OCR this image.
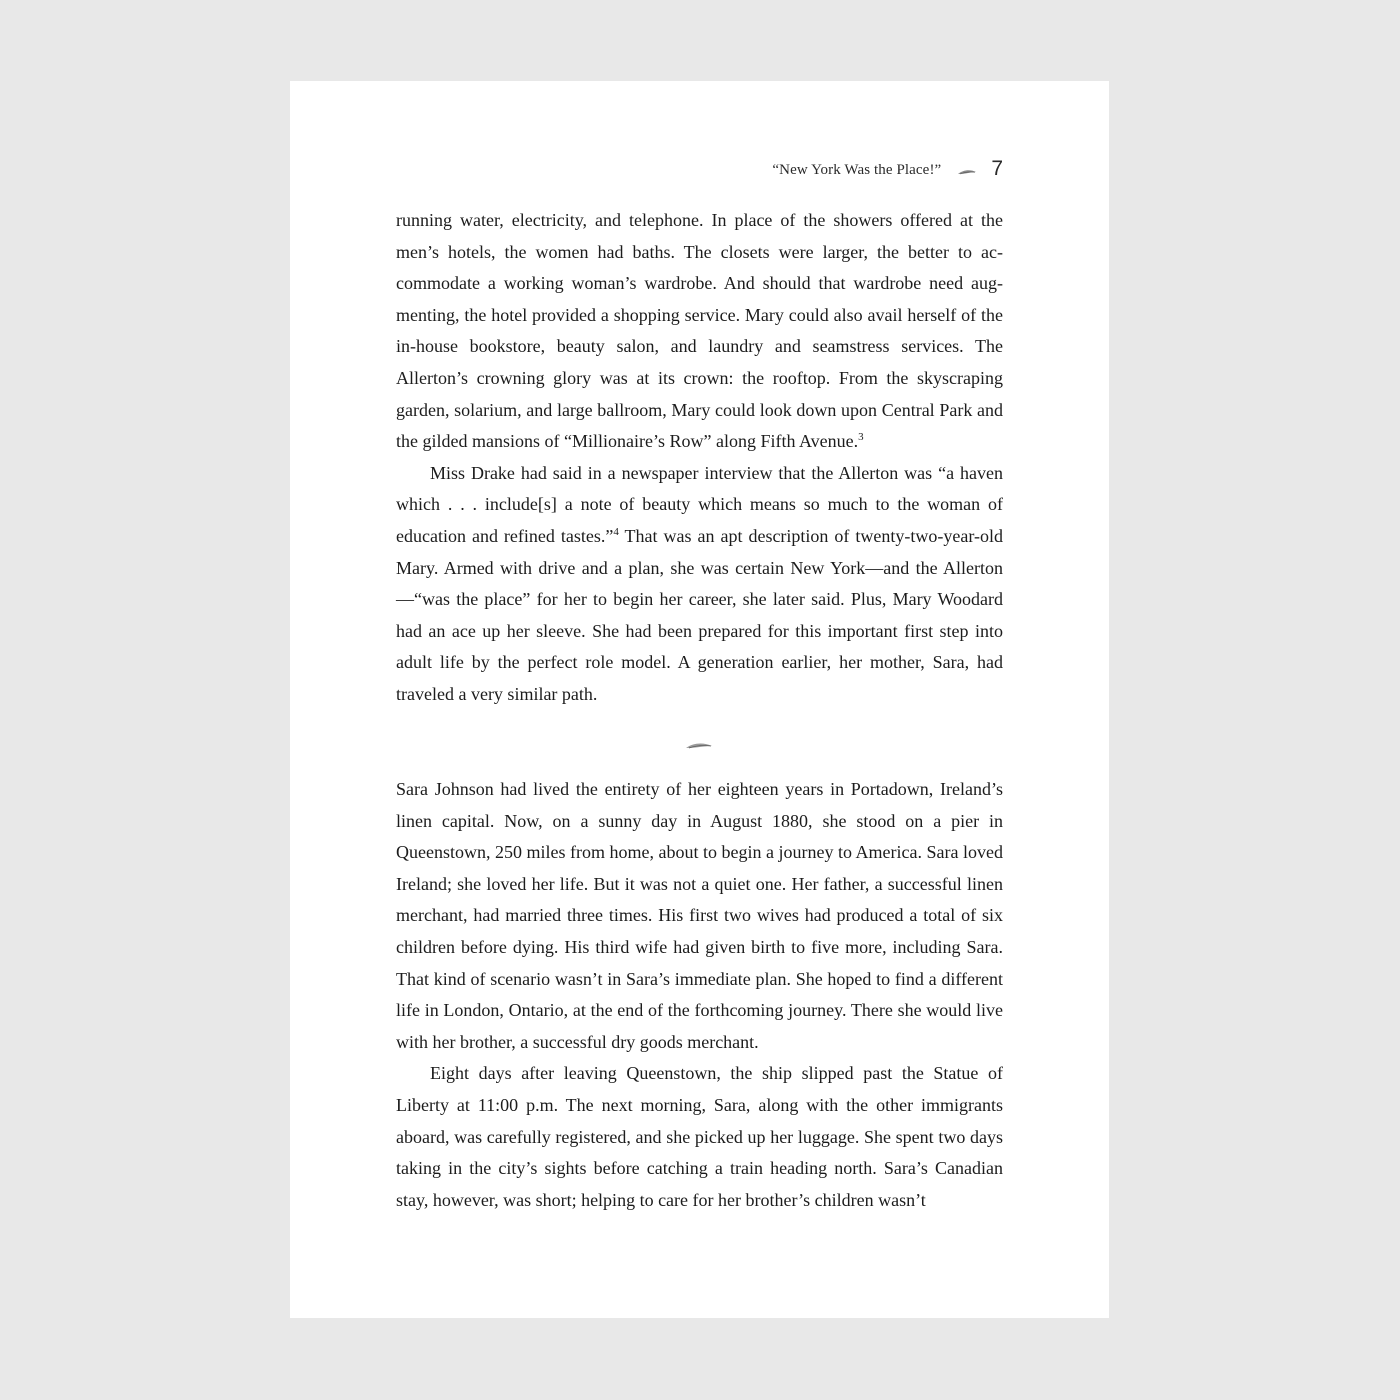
“New York Was the Place!” 7

running water, electricity, and telephone. In place of the showers offered at the men’s hotels, the women had baths. The closets were larger, the better to accommodate a working woman’s wardrobe. And should that wardrobe need augmenting, the hotel provided a shopping service. Mary could also avail herself of the in-house bookstore, beauty salon, and laundry and seamstress services. The Allerton’s crowning glory was at its crown: the rooftop. From the skyscraping garden, solarium, and large ballroom, Mary could look down upon Central Park and the gilded mansions of “Millionaire’s Row” along Fifth Avenue.$^3$

Miss Drake had said in a newspaper interview that the Allerton was “a haven which . . . include[s] a note of beauty which means so much to the woman of education and refined tastes.”$^4$ That was an apt description of twenty-two-year-old Mary. Armed with drive and a plan, she was certain New York—and the Allerton—“was the place” for her to begin her career, she later said. Plus, Mary Woodard had an ace up her sleeve. She had been prepared for this important first step into adult life by the perfect role model. A generation earlier, her mother, Sara, had traveled a very similar path.

Sara Johnson had lived the entirety of her eighteen years in Portadown, Ireland’s linen capital. Now, on a sunny day in August 1880, she stood on a pier in Queenstown, 250 miles from home, about to begin a journey to America. Sara loved Ireland; she loved her life. But it was not a quiet one. Her father, a successful linen merchant, had married three times. His first two wives had produced a total of six children before dying. His third wife had given birth to five more, including Sara. That kind of scenario wasn’t in Sara’s immediate plan. She hoped to find a different life in London, Ontario, at the end of the forthcoming journey. There she would live with her brother, a successful dry goods merchant.

Eight days after leaving Queenstown, the ship slipped past the Statue of Liberty at 11:00 p.m. The next morning, Sara, along with the other immigrants aboard, was carefully registered, and she picked up her luggage. She spent two days taking in the city’s sights before catching a train heading north. Sara’s Canadian stay, however, was short; helping to care for her brother’s children wasn’t
